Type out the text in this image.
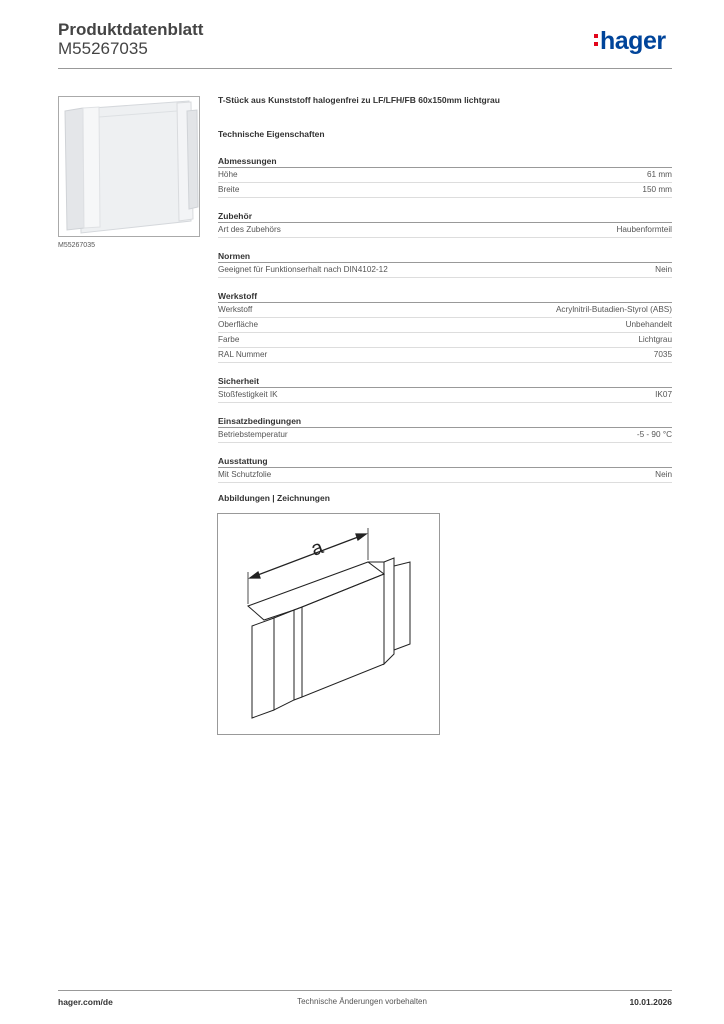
Produktdatenblatt
M55267035	hager
M55267035
T-Stück aus Kunststoff halogenfrei zu LF/LFH/FB 60x150mm lichtgrau
Technische Eigenschaften
Abmessungen
Höhe	61 mm
Breite	150 mm
Zubehör
Art des Zubehörs	Haubenformteil
Normen
Geeignet für Funktionserhalt nach DIN4102-12	Nein
Werkstoff
Werkstoff	Acrylnitril-Butadien-Styrol (ABS)
Oberfläche	Unbehandelt
Farbe	Lichtgrau
RAL Nummer	7035
Sicherheit
Stoßfestigkeit IK	IK07
Einsatzbedingungen
Betriebstemperatur	-5 - 90 °C
Ausstattung
Mit Schutzfolie	Nein
Abbildungen | Zeichnungen
a
hager.com/de	Technische Änderungen vorbehalten	10.01.2026
